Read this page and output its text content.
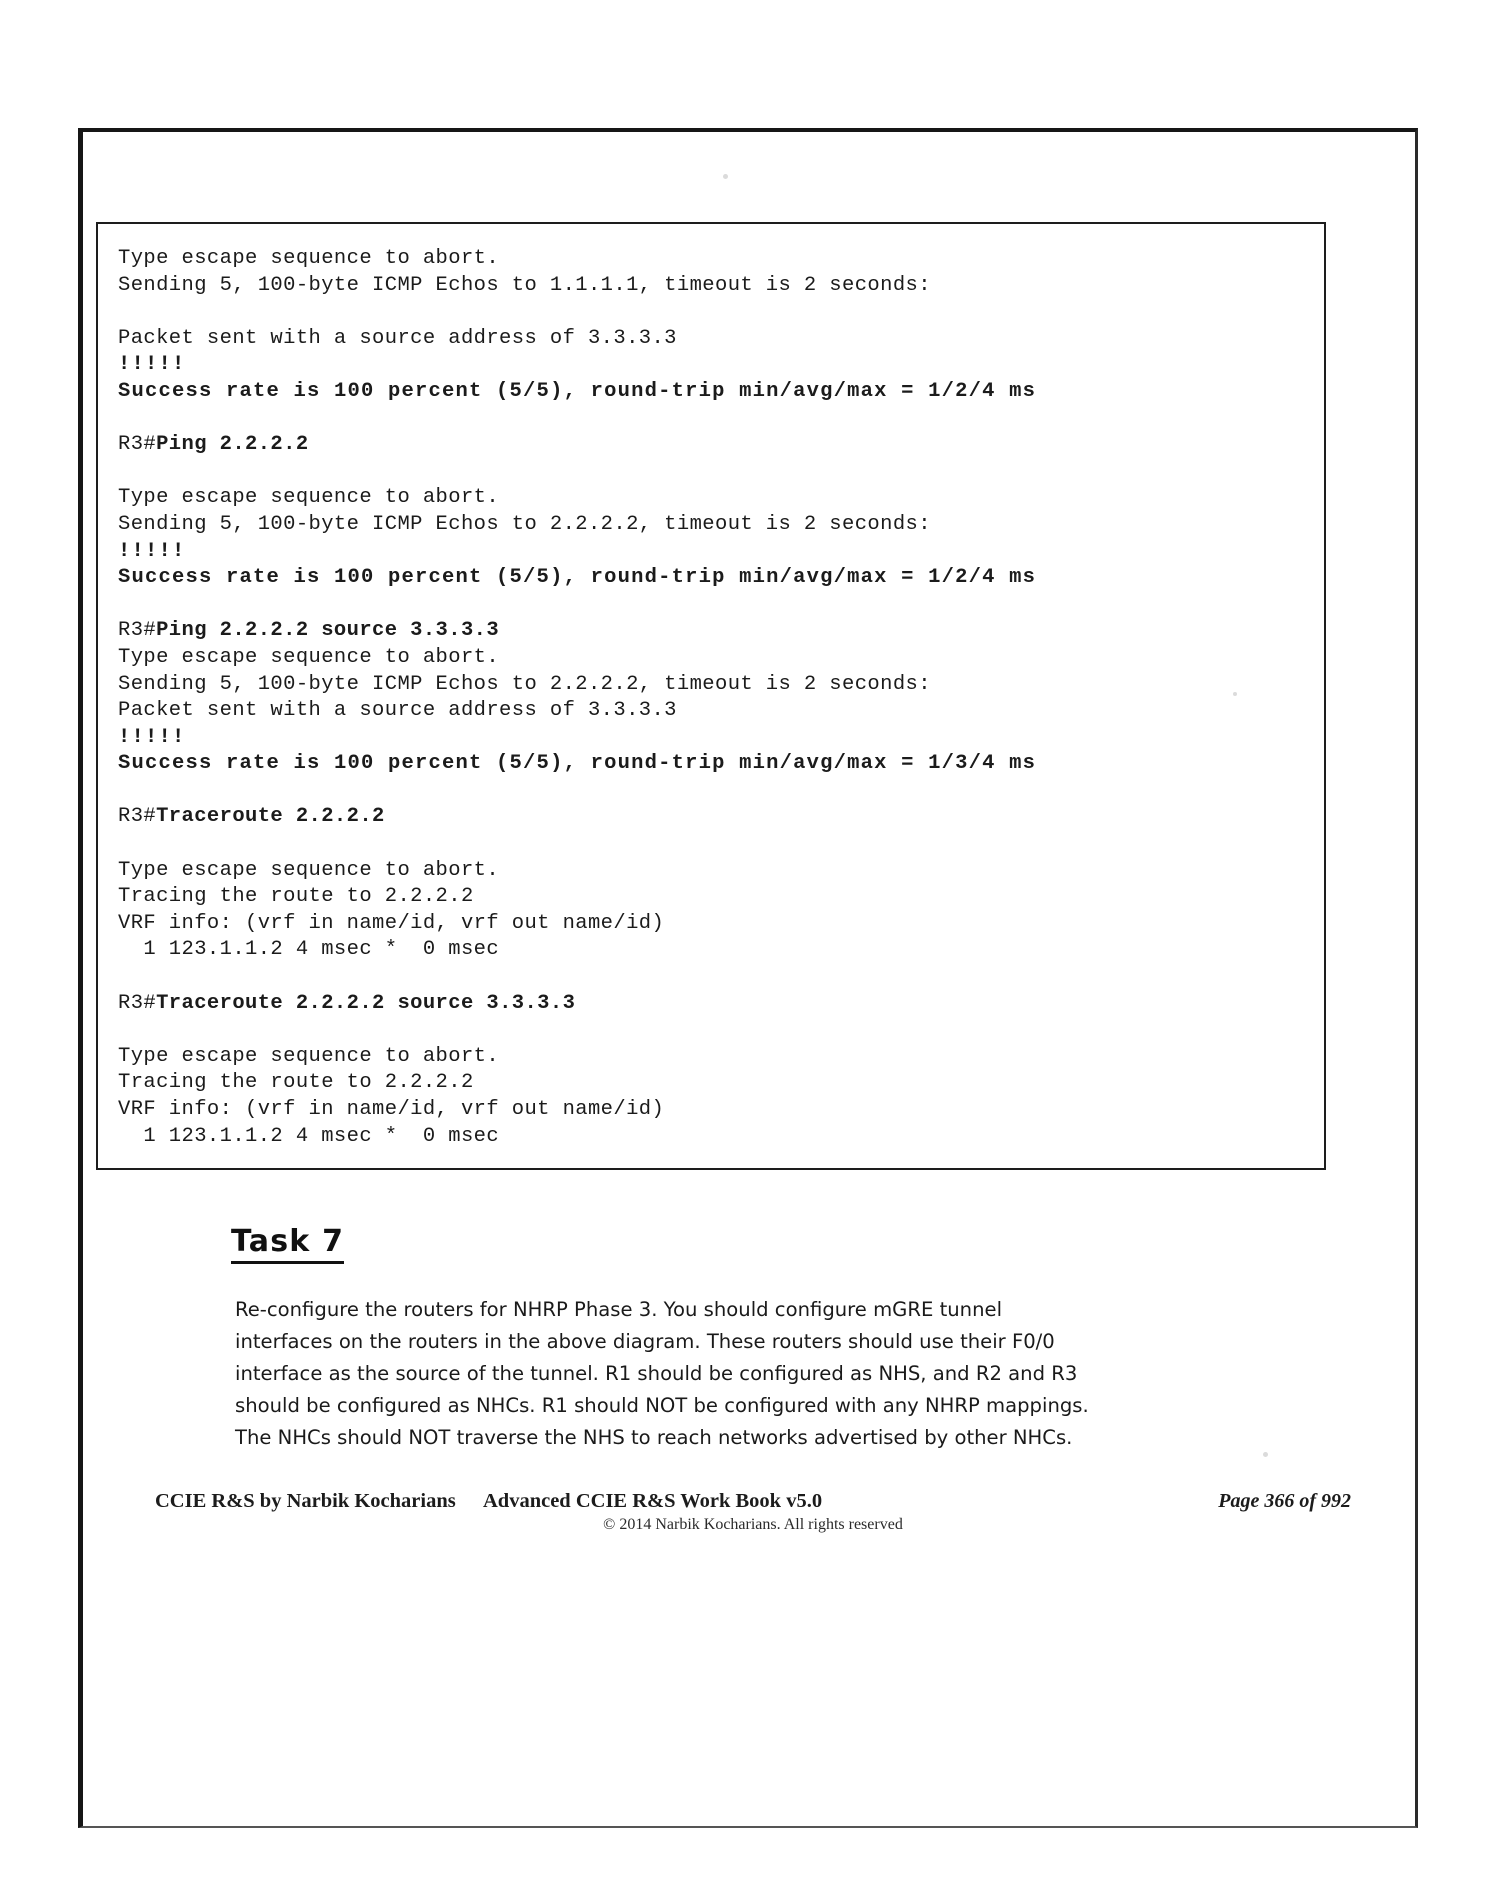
Type escape sequence to abort.
Sending 5, 100-byte ICMP Echos to 1.1.1.1, timeout is 2 seconds:

Packet sent with a source address of 3.3.3.3
!!!!!
Success rate is 100 percent (5/5), round-trip min/avg/max = 1/2/4 ms

R3#Ping 2.2.2.2

Type escape sequence to abort.
Sending 5, 100-byte ICMP Echos to 2.2.2.2, timeout is 2 seconds:
!!!!!
Success rate is 100 percent (5/5), round-trip min/avg/max = 1/2/4 ms

R3#Ping 2.2.2.2 source 3.3.3.3
Type escape sequence to abort.
Sending 5, 100-byte ICMP Echos to 2.2.2.2, timeout is 2 seconds:
Packet sent with a source address of 3.3.3.3
!!!!!
Success rate is 100 percent (5/5), round-trip min/avg/max = 1/3/4 ms

R3#Traceroute 2.2.2.2

Type escape sequence to abort.
Tracing the route to 2.2.2.2
VRF info: (vrf in name/id, vrf out name/id)
1 123.1.1.2 4 msec *  0 msec

R3#Traceroute 2.2.2.2 source 3.3.3.3

Type escape sequence to abort.
Tracing the route to 2.2.2.2
VRF info: (vrf in name/id, vrf out name/id)
1 123.1.1.2 4 msec *  0 msec
Task 7
Re-configure the routers for NHRP Phase 3. You should configure mGRE tunnel
interfaces on the routers in the above diagram. These routers should use their F0/0
interface as the source of the tunnel. R1 should be configured as NHS, and R2 and R3
should be configured as NHCs. R1 should NOT be configured with any NHRP mappings.
The NHCs should NOT traverse the NHS to reach networks advertised by other NHCs.
CCIE R&S by Narbik Kocharians Advanced CCIE R&S Work Book v5.0	Page 366 of 992
© 2014 Narbik Kocharians. All rights reserved
